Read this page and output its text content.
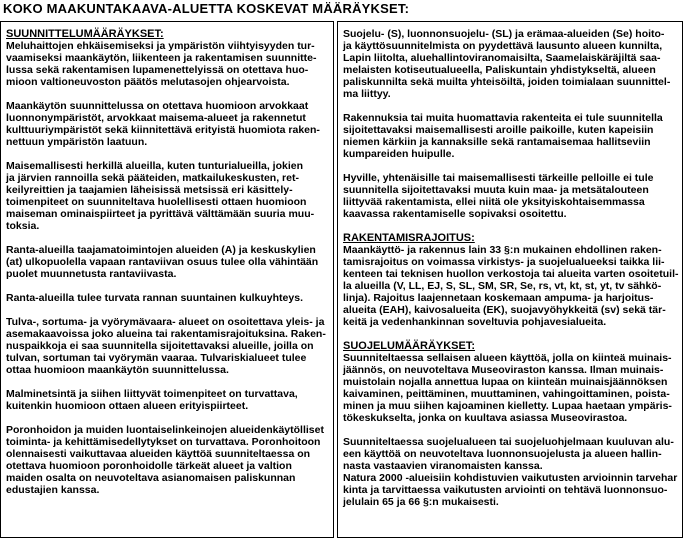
KOKO MAAKUNTAKAAVA-ALUETTA KOSKEVAT MÄÄRÄYKSET:
SUUNNITTELUMÄÄRÄYKSET:
Meluhaittojen ehkäisemiseksi ja ympäristön viihtyisyyden tur-
vaamiseksi maankäytön, liikenteen ja rakentamisen suunnitte-
lussa sekä rakentamisen lupamenettelyissä on otettava huo-
mioon valtioneuvoston päätös melutasojen ohjearvoista.
Maankäytön suunnittelussa on otettava huomioon arvokkaat
luonnonympäristöt, arvokkaat maisema-alueet ja rakennetut
kulttuuriympäristöt sekä kiinnitettävä erityistä huomiota raken-
nettuun ympäristön laatuun.
Maisemallisesti herkillä alueilla, kuten tunturialueilla, jokien
ja järvien rannoilla sekä pääteiden, matkailukeskusten, ret-
keilyreittien ja taajamien läheisissä metsissä eri käsittely-
toimenpiteet on suunniteltava huolellisesti ottaen huomioon
maiseman ominaispiirteet ja pyrittävä välttämään suuria muu-
toksia.
Ranta-alueilla taajamatoimintojen alueiden (A) ja keskuskylien
(at) ulkopuolella vapaan rantaviivan osuus tulee olla vähintään
puolet muunnetusta rantaviivasta.
Ranta-alueilla tulee turvata rannan suuntainen kulkuyhteys.
Tulva-, sortuma- ja vyörymävaara- alueet on osoitettava yleis- ja
asemakaavoissa joko alueina tai rakentamisrajoituksina. Raken-
nuspaikkoja ei saa suunnitella sijoitettavaksi alueille, joilla on
tulvan, sortuman tai vyörymän vaaraa. Tulvariskialueet tulee
ottaa huomioon maankäytön suunnittelussa.
Malminetsintä ja siihen liittyvät toimenpiteet on turvattava,
kuitenkin huomioon ottaen alueen erityispiirteet.
Poronhoidon ja muiden luontaiselinkeinojen alueidenkäytölliset
toiminta- ja kehittämisedellytykset on turvattava. Poronhoitoon
olennaisesti vaikuttavaa alueiden käyttöä suunniteltaessa on
otettava huomioon poronhoidolle tärkeät alueet ja valtion
maiden osalta on neuvoteltava asianomaisen paliskunnan
edustajien kanssa.
Suojelu- (S), luonnonsuojelu- (SL) ja erämaa-alueiden (Se) hoito-
ja käyttösuunnitelmista on pyydettävä lausunto alueen kunnilta,
Lapin liitolta, aluehallintoviranomaisilta, Saamelaiskäräjiltä saa-
melaisten kotiseutualueella, Paliskuntain yhdistykseltä, alueen
paliskunnilta sekä muilta yhteisöiltä, joiden toimialaan suunnittel-
ma liittyy.
Rakennuksia tai muita huomattavia rakenteita ei tule suunnitella
sijoitettavaksi maisemallisesti aroille paikoille, kuten kapeisiin
niemen kärkiin ja kannaksille sekä rantamaisemaa hallitseviin
kumpareiden huipulle.
Hyville, yhtenäisille tai maisemallisesti tärkeille pelloille ei tule
suunnitella sijoitettavaksi muuta kuin maa- ja metsätalouteen
liittyvää rakentamista, ellei niitä ole yksityiskohtaisemmassa
kaavassa rakentamiselle sopivaksi osoitettu.
RAKENTAMISRAJOITUS:
Maankäyttö- ja rakennus lain 33 §:n mukainen ehdollinen raken-
tamisrajoitus on voimassa virkistys- ja suojelualueeksi taikka lii-
kenteen tai teknisen huollon verkostoja tai alueita varten osoitetuil-
la alueilla (V, LL, EJ, S, SL, SM, SR, Se, rs, vt, kt, st, yt, tv sähkö-
linja). Rajoitus laajennetaan koskemaan ampuma- ja harjoitus-
alueita (EAH), kaivosalueita (EK), suojavyöhykkeitä (sv) sekä tär-
keitä ja vedenhankinnan soveltuvia pohjavesialueita.
SUOJELUMÄÄRÄYKSET:
Suunniteltaessa sellaisen alueen käyttöä, jolla on kiinteä muinais-
jäännös, on neuvoteltava Museoviraston kanssa. Ilman muinais-
muistolain nojalla annettua lupaa on kiinteän muinaisjäännöksen
kaivaminen, peittäminen, muuttaminen, vahingoittaminen, poista-
minen ja muu siihen kajoaminen kielletty. Lupaa haetaan ympäris-
tökeskukselta, jonka on kuultava asiassa Museovirastoa.
Suunniteltaessa suojelualueen tai suojeluohjelmaan kuuluvan alu-
een käyttöä on neuvoteltava luonnonsuojelusta ja alueen hallin-
nasta vastaavien viranomaisten kanssa.
Natura 2000 -alueisiin kohdistuvien vaikutusten arvioinnin tarvehar
kinta ja tarvittaessa vaikutusten arviointi on tehtävä luonnonsuo-
jelulain 65 ja 66 §:n mukaisesti.
